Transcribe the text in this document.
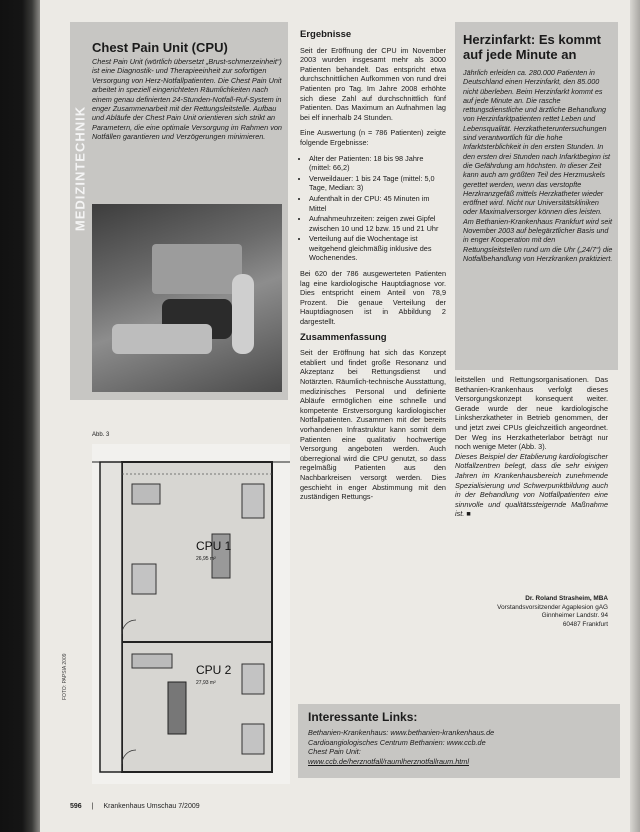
MEDIZINTECHNIK
Chest Pain Unit (CPU)
Chest Pain Unit (wörtlich übersetzt „Brust-schmerzeinheit“) ist eine Diagnostik- und Therapieeinheit zur sofortigen Versorgung von Herz-Notfallpatienten. Die Chest Pain Unit arbeitet in speziell eingerichteten Räumlichkeiten nach einem genau definierten 24-Stunden-Notfall-Ruf-System in enger Zusammenarbeit mit der Rettungsleitstelle. Aufbau und Abläufe der Chest Pain Unit orientieren sich strikt an Parametern, die eine optimale Versorgung im Rahmen von Notfällen garantieren und Verzögerungen minimieren.
Ergebnisse
Seit der Eröffnung der CPU im November 2003 wurden insgesamt mehr als 3000 Patienten behandelt. Das entspricht etwa durchschnittlichen Aufkommen von rund drei Patienten pro Tag. Im Jahre 2008 erhöhte sich diese Zahl auf durchschnittlich fünf Patienten. Das Maximum an Aufnahmen lag bei elf innerhalb 24 Stunden.
Eine Auswertung (n = 786 Patienten) zeigte folgende Ergebnisse:
• Alter der Patienten: 18 bis 98 Jahre (mittel: 66,2)
• Verweildauer: 1 bis 24 Tage (mittel: 5,0 Tage, Median: 3)
• Aufenthalt in der CPU: 45 Minuten im Mittel
• Aufnahmeuhrzeiten: zeigen zwei Gipfel zwischen 10 und 12 bzw. 15 und 21 Uhr
• Verteilung auf die Wochentage ist weitgehend gleichmäßig inklusive des Wochenendes.
Bei 620 der 786 ausgewerteten Patienten lag eine kardiologische Hauptdiagnose vor. Dies entspricht einem Anteil von 78,9 Prozent. Die genaue Verteilung der Hauptdiagnosen ist in Abbildung 2 dargestellt.
Zusammenfassung
Seit der Eröffnung hat sich das Konzept etabliert und findet große Resonanz und Akzeptanz bei Rettungsdienst und Notärzten. Räumlich-technische Ausstattung, medizinisches Personal und definierte Abläufe ermöglichen eine schnelle und kompetente Erstversorgung kardiologischer Notfallpatienten. Zusammen mit der bereits vorhandenen Infrastruktur kann somit dem Patienten eine qualitativ hochwertige Versorgung angeboten werden. Auch überregional wird die CPU genutzt, so dass regelmäßig Patienten aus den Nachbarkreisen versorgt werden. Dies geschieht in enger Abstimmung mit den zuständigen Rettungs-
Herzinfarkt: Es kommt auf jede Minute an
Jährlich erleiden ca. 280.000 Patienten in Deutschland einen Herzinfarkt, den 85.000 nicht überleben. Beim Herzinfarkt kommt es auf jede Minute an. Die rasche rettungsdienstliche und ärztliche Behandlung von Herzinfarktpatienten rettet Leben und Lebensqualität. Herzkatheteruntersuchungen sind verantwortlich für die hohe Infarktsterblichkeit in den ersten Stunden. In den ersten drei Stunden nach Infarktbeginn ist die Gefährdung am höchsten. In dieser Zeit kann auch am größten Teil des Herzmuskels gerettet werden, wenn das verstopfte Herzkranzgefäß mittels Herzkatheter wieder eröffnet wird. Nicht nur Universitätskliniken oder Maximalversorger können dies leisten. Am Bethanien-Krankenhaus Frankfurt wird seit November 2003 auf belegärztlicher Basis und in enger Kooperation mit den Rettungsleitstellen rund um die Uhr („24/7“) die Notfallbehandlung von Herzkranken praktiziert.
leitstellen und Rettungsorganisationen. Das Bethanien-Krankenhaus verfolgt dieses Versorgungskonzept konsequent weiter. Gerade wurde der neue kardiologische Linksherzkatheter in Betrieb genommen, der und jetzt zwei CPUs gleichzeitlich angeordnet. Der Weg ins Herzkatheterlabor beträgt nur noch wenige Meter (Abb. 3).
Dieses Beispiel der Etablierung kardiologischer Notfallzentren belegt, dass die sehr einigen Jahren im Krankenhausbereich zunehmende Spezialisierung und Schwerpunktbildung auch in der Behandlung von Notfallpatienten eine sinnvolle und qualitätssteigernde Maßnahme ist. ■
Dr. Roland Strasheim, MBA
Vorstandsvorsitzender Agaplesion gAG
Ginnheimer Landstr. 94
60487 Frankfurt
Abb. 3
CPU 1
26,95 m²
CPU 2
27,93 m²
FOTO: PAPSIA 2009
Interessante Links:
Bethanien-Krankenhaus: www.bethanien-krankenhaus.de
Cardioangiologisches Centrum Bethanien: www.ccb.de
Chest Pain Unit:
www.ccb.de/herznotfall/raumlherznotfallraum.html
596 | Krankenhaus Umschau 7/2009
